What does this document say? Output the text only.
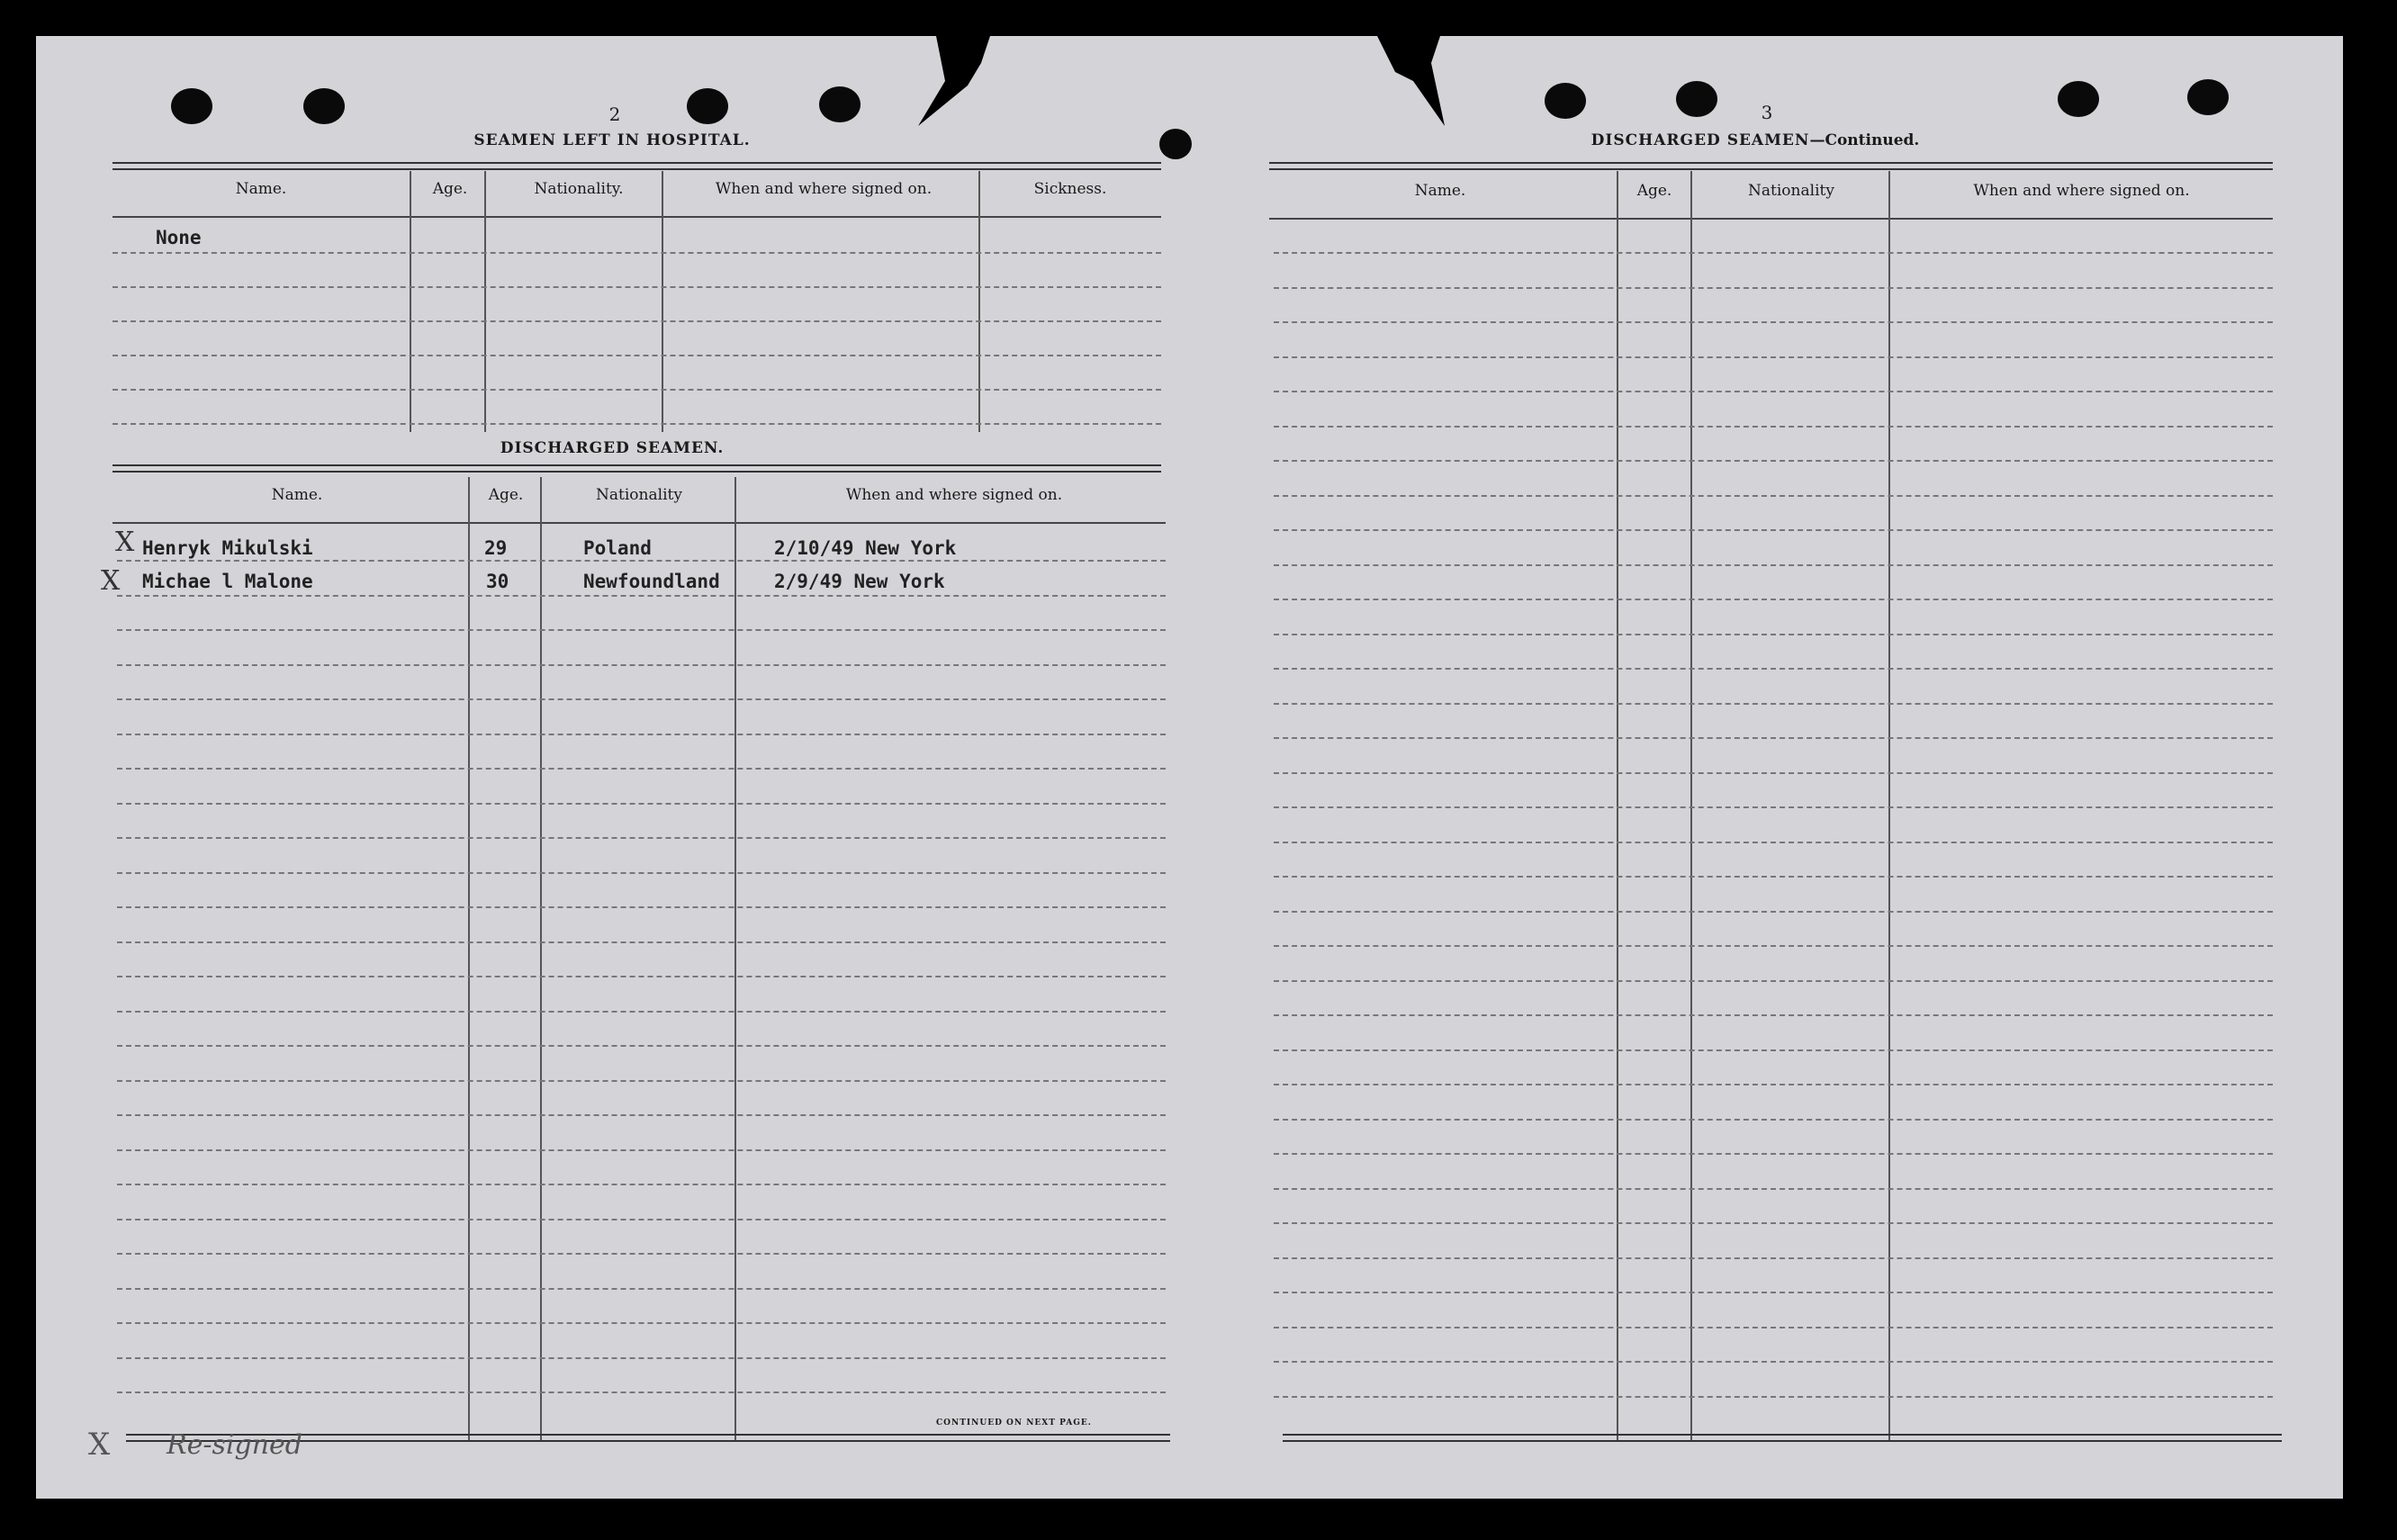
2
SEAMEN LEFT IN HOSPITAL.
Name.	Age.	Nationality.	When and where signed on.	Sickness.
None
DISCHARGED SEAMEN.
Name.	Age.	Nationality	When and where signed on.
X Henryk Mikulski	29	Poland	2/10/49 New York
X Michae l Malone	30	Newfoundland	2/9/49 New York
CONTINUED ON NEXT PAGE.
3
DISCHARGED SEAMEN—Continued.
Name.	Age.	Nationality	When and where signed on.
X Re-signed
